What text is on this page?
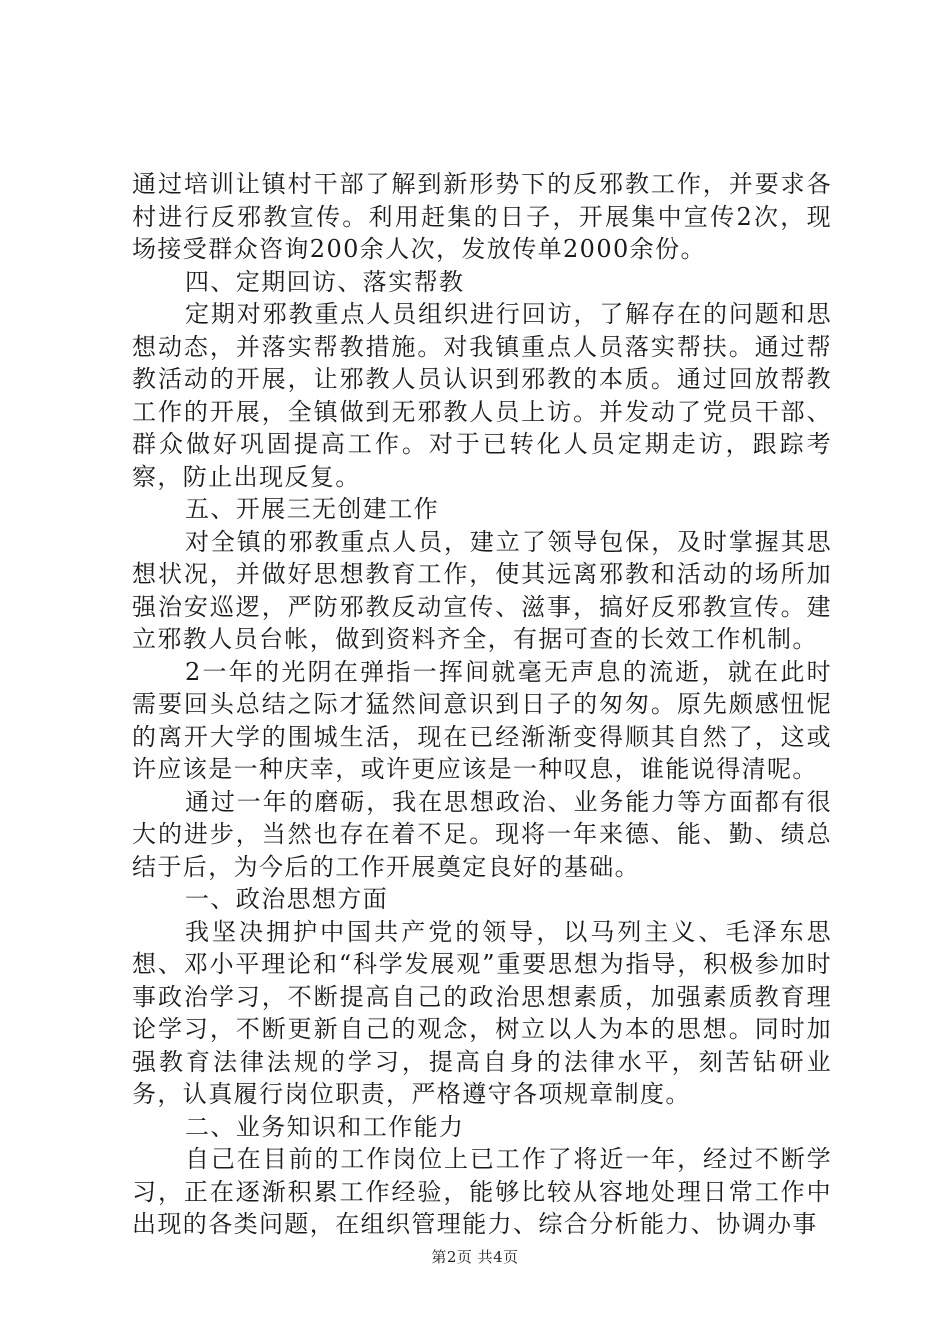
通过培训让镇村干部了解到新形势下的反邪教工作，并要求各村进行反邪教宣传。利用赶集的日子，开展集中宣传2次，现场接受群众咨询200余人次，发放传单2000余份。

四、定期回访、落实帮教

定期对邪教重点人员组织进行回访，了解存在的问题和思想动态，并落实帮教措施。对我镇重点人员落实帮扶。通过帮教活动的开展，让邪教人员认识到邪教的本质。通过回放帮教工作的开展，全镇做到无邪教人员上访。并发动了党员干部、群众做好巩固提高工作。对于已转化人员定期走访，跟踪考察，防止出现反复。

五、开展三无创建工作

对全镇的邪教重点人员，建立了领导包保，及时掌握其思想状况，并做好思想教育工作，使其远离邪教和活动的场所加强治安巡逻，严防邪教反动宣传、滋事，搞好反邪教宣传。建立邪教人员台帐，做到资料齐全，有据可查的长效工作机制。

2一年的光阴在弹指一挥间就毫无声息的流逝，就在此时需要回头总结之际才猛然间意识到日子的匆匆。原先颇感忸怩的离开大学的围城生活，现在已经渐渐变得顺其自然了，这或许应该是一种庆幸，或许更应该是一种叹息，谁能说得清呢。

通过一年的磨砺，我在思想政治、业务能力等方面都有很大的进步，当然也存在着不足。现将一年来德、能、勤、绩总结于后，为今后的工作开展奠定良好的基础。

一、政治思想方面

我坚决拥护中国共产党的领导，以马列主义、毛泽东思想、邓小平理论和“科学发展观”重要思想为指导，积极参加时事政治学习，不断提高自己的政治思想素质，加强素质教育理论学习，不断更新自己的观念，树立以人为本的思想。同时加强教育法律法规的学习，提高自身的法律水平，刻苦钻研业务，认真履行岗位职责，严格遵守各项规章制度。

二、业务知识和工作能力

自己在目前的工作岗位上已工作了将近一年，经过不断学习，正在逐渐积累工作经验，能够比较从容地处理日常工作中出现的各类问题，在组织管理能力、综合分析能力、协调办事

第2页 共4页
